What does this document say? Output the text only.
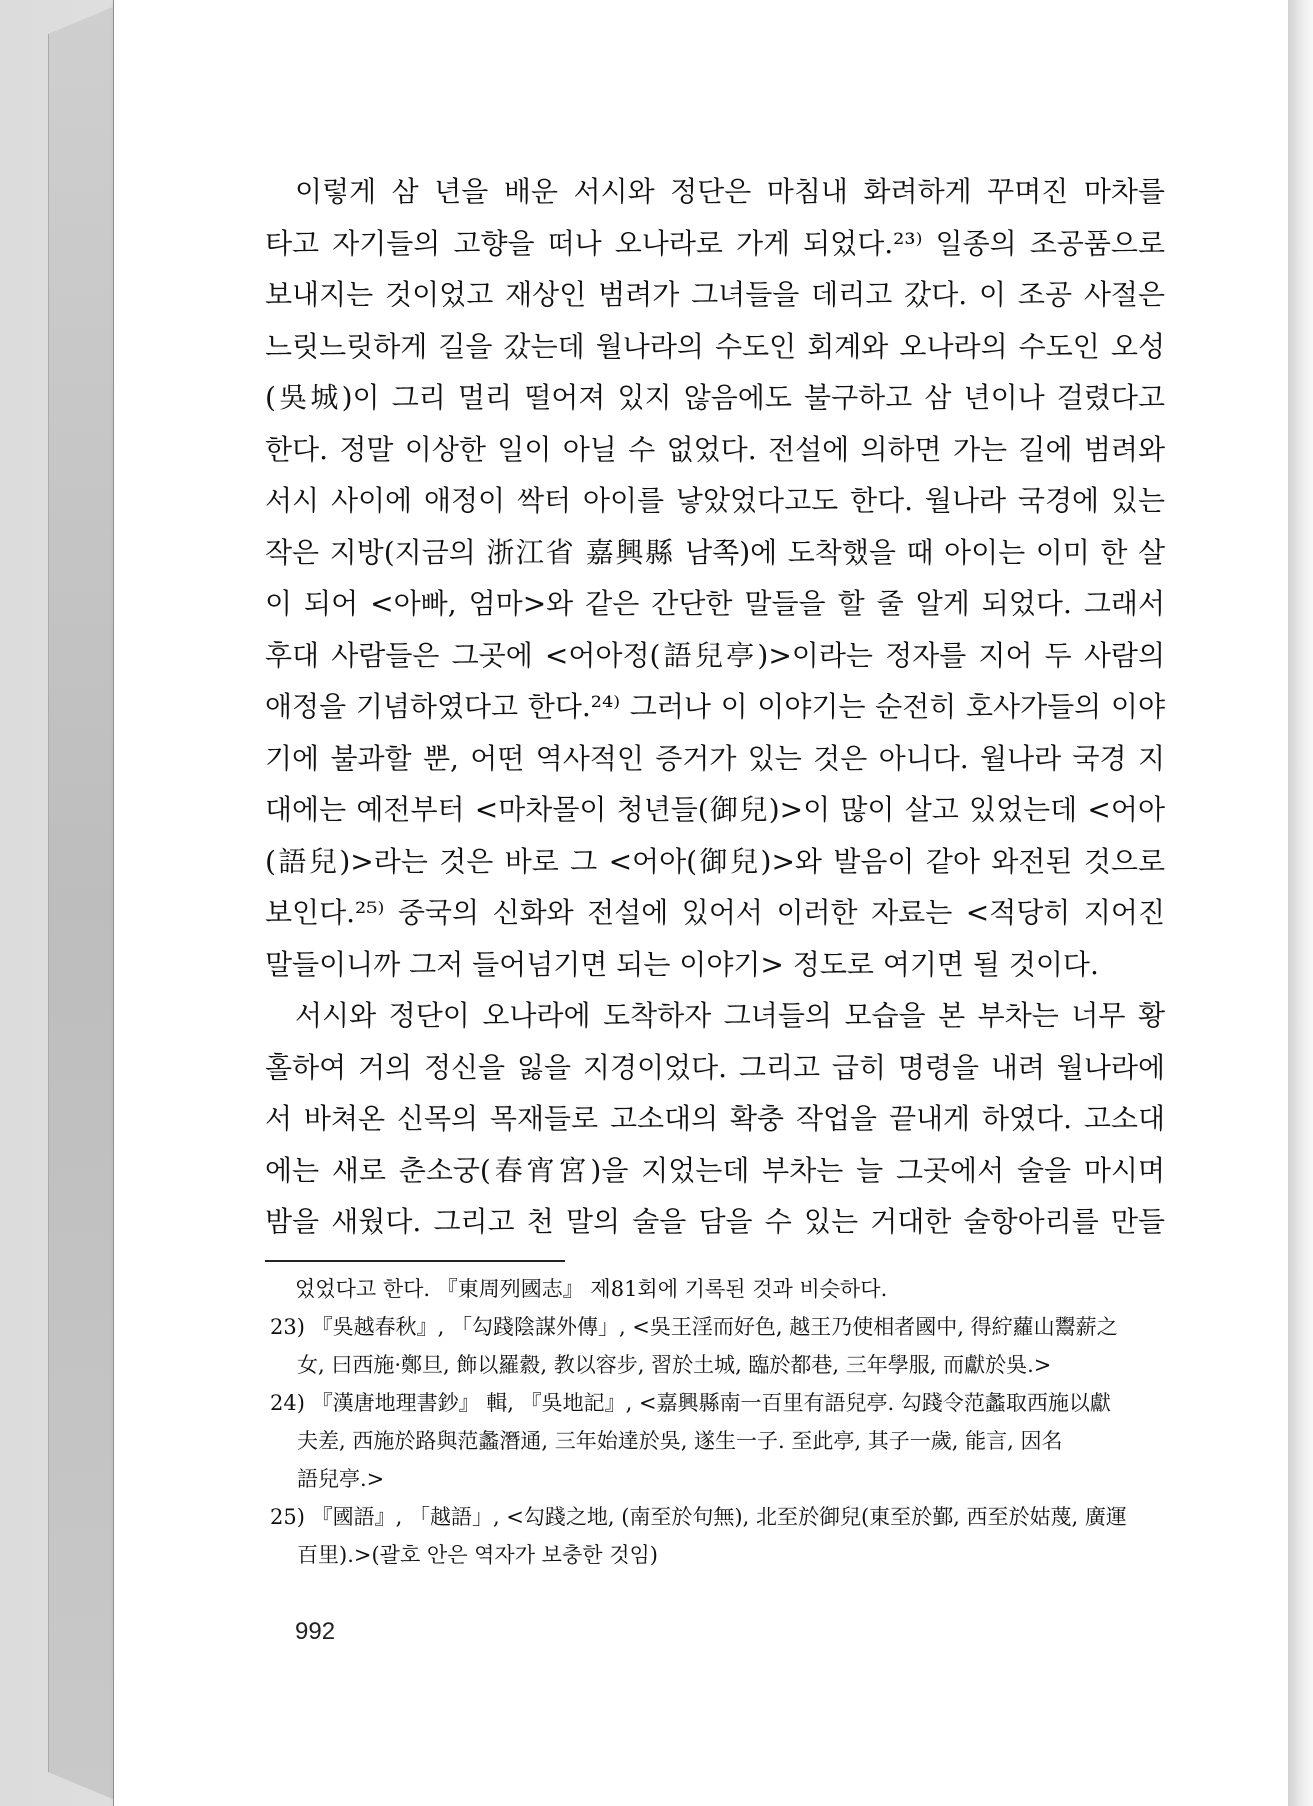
이렇게 삼 년을 배운 서시와 정단은 마침내 화려하게 꾸며진 마차를
타고 자기들의 고향을 떠나 오나라로 가게 되었다.²³⁾ 일종의 조공품으로
보내지는 것이었고 재상인 범려가 그녀들을 데리고 갔다. 이 조공 사절은
느릿느릿하게 길을 갔는데 월나라의 수도인 회계와 오나라의 수도인 오성
(吳城)이 그리 멀리 떨어져 있지 않음에도 불구하고 삼 년이나 걸렸다고
한다. 정말 이상한 일이 아닐 수 없었다. 전설에 의하면 가는 길에 범려와
서시 사이에 애정이 싹터 아이를 낳았었다고도 한다. 월나라 국경에 있는
작은 지방(지금의 浙江省 嘉興縣 남쪽)에 도착했을 때 아이는 이미 한 살
이 되어 <아빠, 엄마>와 같은 간단한 말들을 할 줄 알게 되었다. 그래서
후대 사람들은 그곳에 <어아정(語兒亭)>이라는 정자를 지어 두 사람의
애정을 기념하였다고 한다.²⁴⁾ 그러나 이 이야기는 순전히 호사가들의 이야
기에 불과할 뿐, 어떤 역사적인 증거가 있는 것은 아니다. 월나라 국경 지
대에는 예전부터 <마차몰이 청년들(御兒)>이 많이 살고 있었는데 <어아
(語兒)>라는 것은 바로 그 <어아(御兒)>와 발음이 같아 와전된 것으로
보인다.²⁵⁾ 중국의 신화와 전설에 있어서 이러한 자료는 <적당히 지어진
말들이니까 그저 들어넘기면 되는 이야기> 정도로 여기면 될 것이다.
서시와 정단이 오나라에 도착하자 그녀들의 모습을 본 부차는 너무 황
홀하여 거의 정신을 잃을 지경이었다. 그리고 급히 명령을 내려 월나라에
서 바쳐온 신목의 목재들로 고소대의 확충 작업을 끝내게 하였다. 고소대
에는 새로 춘소궁(春宵宮)을 지었는데 부차는 늘 그곳에서 술을 마시며
밤을 새웠다. 그리고 천 말의 술을 담을 수 있는 거대한 술항아리를 만들
었었다고 한다. 『東周列國志』 제81회에 기록된 것과 비슷하다.
23) 『吳越春秋』, 「勾踐陰謀外傳」, <吳王淫而好色, 越王乃使相者國中, 得紵蘿山鬻薪之
女, 曰西施·鄭旦, 飾以羅縠, 教以容步, 習於土城, 臨於都巷, 三年學服, 而獻於吳.>
24) 『漢唐地理書鈔』 輯, 『吳地記』, <嘉興縣南一百里有語兒亭. 勾踐令范蠡取西施以獻
夫差, 西施於路與范蠡潛通, 三年始達於吳, 遂生一子. 至此亭, 其子一歲, 能言, 因名
語兒亭.>
25) 『國語』, 「越語」, <勾踐之地, (南至於句無), 北至於御兒(東至於鄞, 西至於姑蔑, 廣運
百里).>(괄호 안은 역자가 보충한 것임)
992
